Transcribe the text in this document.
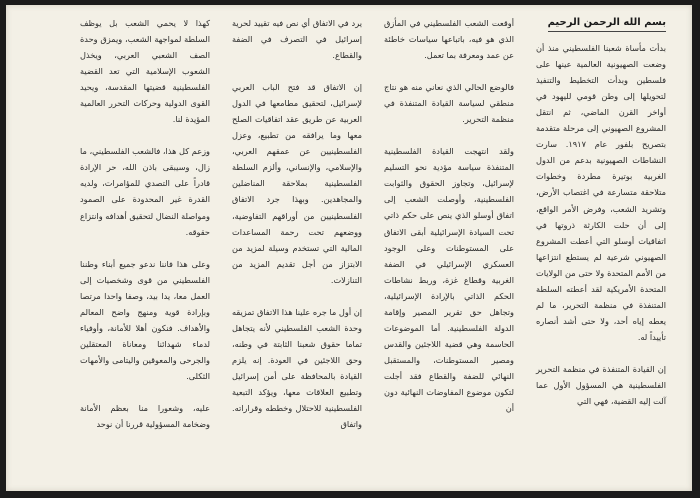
بسم الله الرحمن الرحيم

بدأت مأساة شعبنا الفلسطيني منذ أن وضعت الصهيونية العالمية عينها على فلسطين وبدأت التخطيط والتنفيذ لتحويلها إلى وطن قومي لليهود في أواخر القرن الماضي، ثم انتقل المشروع الصهيوني إلى مرحلة متقدمة بتصريح بلفور عام ١٩١٧. سارت النشاطات الصهيونية بدعم من الدول الغربية بوتيرة مطردة وخطوات متلاحقة متسارعة في اغتصاب الأرض، وتشريد الشعب، وفرض الأمر الواقع، إلى أن حلت الكارثة ذروتها في اتفاقيات أوسلو التي أعطت المشروع الصهيوني شرعية لم يستطع انتزاعها من الأمم المتحدة ولا حتى من الولايات المتحدة الأمريكية لقد أعطته السلطة المتنفذة في منظمة التحرير، ما لم يعطه إياه أحد، ولا حتى أشد أنصاره تأييداً له.

إن القيادة المتنفذة في منظمة التحرير الفلسطينية هي المسؤول الأول عما آلت إليه القضية، فهي التي

أوقعت الشعب الفلسطيني في المأزق الذي هو فيه، باتباعها سياسات خاطئة عن عمد ومعرفة بما تعمل.

فالوضع الحالي الذي نعاني منه هو نتاج منطقي لسياسة القيادة المتنفذة في منظمة التحرير.

ولقد انتهجت القيادة الفلسطينية المتنفذة سياسة مؤدية نحو التسليم لإسرائيل، وتجاوز الحقوق والثوابت الفلسطينية، وأوصلت الشعب إلى اتفاق أوسلو الذي ينص على حكم ذاتي تحت السيادة الإسرائيلية أبقى الاتفاق على المستوطنات وعلى الوجود العسكري الإسرائيلي في الضفة الغربية وقطاع غزة، وربط نشاطات الحكم الذاتي بالإرادة الإسرائيلية، وتجاهل حق تقرير المصير وإقامة الدولة الفلسطينية. أما الموضوعات الحاسمة وهي قضية اللاجئين والقدس ومصير المستوطنات، والمستقبل النهائي للضفة والقطاع فقد أجلت لتكون موضوع المفاوضات النهائية دون أن

يرد في الاتفاق أي نص فيه تقييد لحرية إسرائيل في التصرف في الضفة والقطاع.

إن الاتفاق قد فتح الباب العربي لإسرائيل، لتحقيق مطامعها في الدول العربية عن طريق عقد اتفاقيات الصلح معها وما يرافقه من تطبيع، وعزل الفلسطينيين عن عمقهم العربي، والإسلامي، والإنساني، وألزم السلطة الفلسطينية بملاحقة المناضلين والمجاهدين. وبهذا جرد الاتفاق الفلسطينيين من أوراقهم التفاوضية، ووضعهم تحت رحمة المساعدات المالية التي تستخدم وسيلة لمزيد من الابتزاز من أجل تقديم المزيد من التنازلات.

إن أول ما جره علينا هذا الاتفاق تمزيقه وحدة الشعب الفلسطيني لأنه يتجاهل تماما حقوق شعبنا الثابتة في وطنه، وحق اللاجئين في العودة. إنه يلزم القيادة بالمحافظة على أمن إسرائيل وتطبيع العلاقات معها، ويؤكد التبعية الفلسطينية للاحتلال وخططه وقراراته. واتفاق

كهذا لا يحمي الشعب بل يوظف السلطة لمواجهة الشعب، ويمزق وحدة الصف الشعبي العربي، ويخذل الشعوب الإسلامية التي تعد القضية الفلسطينية قضيتها المقدسة، ويحيد القوى الدولية وحركات التحرر العالمية المؤيدة لنا.

وزعم كل هذا، فالشعب الفلسطيني، ما زال، وسيبقى باذن الله، حر الإرادة قادراً على التصدي للمؤامرات، ولديه القدرة غير المحدودة على الصمود ومواصلة النضال لتحقيق أهدافه وانتزاع حقوقه.

وعلى هذا فاننا ندعو جميع أبناء وطننا الفلسطيني من قوى وشخصيات إلى العمل معا، يدا بيد، وصفا واحدا مرتصا وبإرادة قوية ومنهج واضح المعالم والأهداف. فنكون أهلا للأمانة، وأوفياء لدماء شهدائنا ومعاناة المعتقلين والجرحى والمعوقين واليتامى والأمهات الثكلى.

عليه، وشعورا منا بعظم الأمانة وضخامة المسؤولية قررنا أن نوحد
